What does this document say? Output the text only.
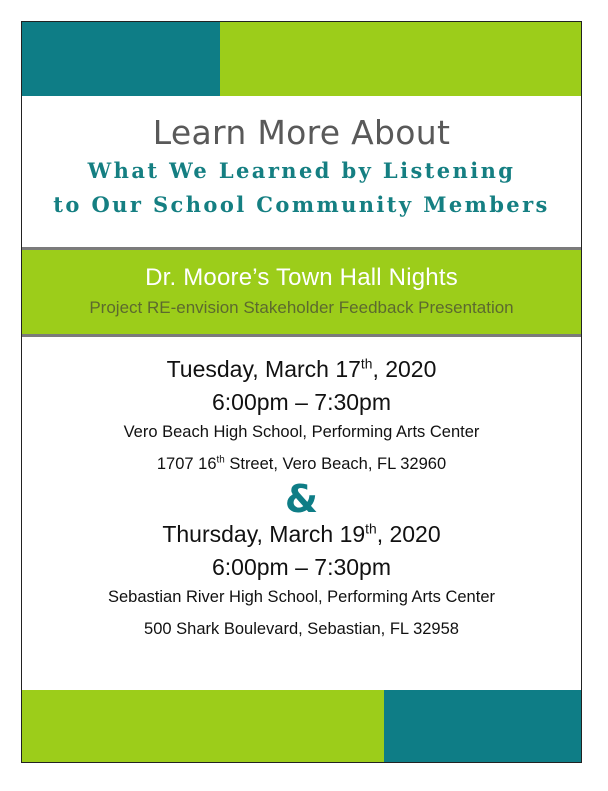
Learn More About
What We Learned by Listening
to Our School Community Members
Dr. Moore’s Town Hall Nights
Project RE-envision Stakeholder Feedback Presentation
Tuesday, March 17th, 2020
6:00pm – 7:30pm
Vero Beach High School, Performing Arts Center
1707 16th Street, Vero Beach, FL 32960
&
Thursday, March 19th, 2020
6:00pm – 7:30pm
Sebastian River High School, Performing Arts Center
500 Shark Boulevard, Sebastian, FL 32958
